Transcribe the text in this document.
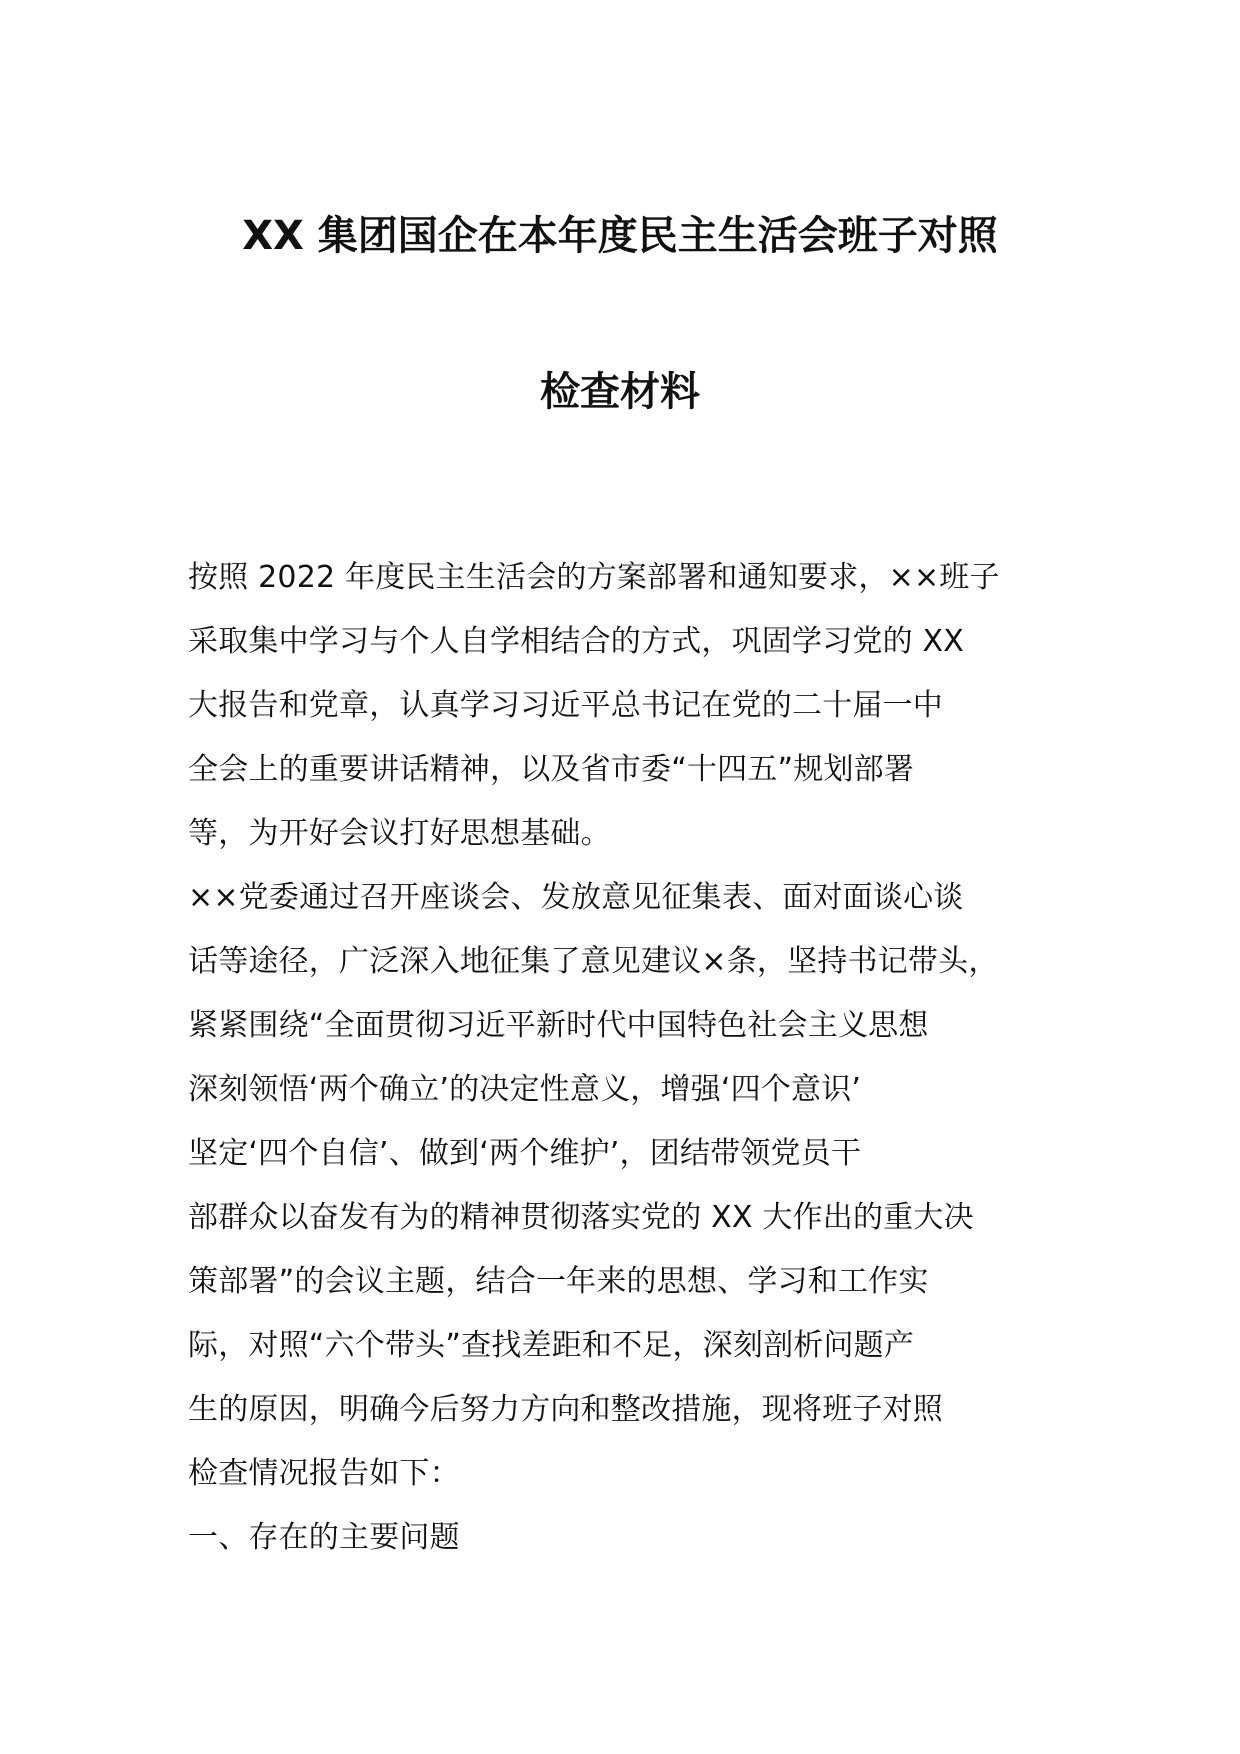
XX 集团国企在本年度民主生活会班子对照
检查材料
按照 2022 年度民主生活会的方案部署和通知要求，××班子
采取集中学习与个人自学相结合的方式，巩固学习党的 XX
大报告和党章，认真学习习近平总书记在党的二十届一中
全会上的重要讲话精神，以及省市委“十四五”规划部署
等，为开好会议打好思想基础。
××党委通过召开座谈会、发放意见征集表、面对面谈心谈
话等途径，广泛深入地征集了意见建议×条，坚持书记带头，
紧紧围绕“全面贯彻习近平新时代中国特色社会主义思想
深刻领悟‘两个确立’的决定性意义，增强‘四个意识’
坚定‘四个自信’、做到‘两个维护’，团结带领党员干
部群众以奋发有为的精神贯彻落实党的 XX 大作出的重大决
策部署”的会议主题，结合一年来的思想、学习和工作实
际，对照“六个带头”查找差距和不足，深刻剖析问题产
生的原因，明确今后努力方向和整改措施，现将班子对照
检查情况报告如下：
一、存在的主要问题
